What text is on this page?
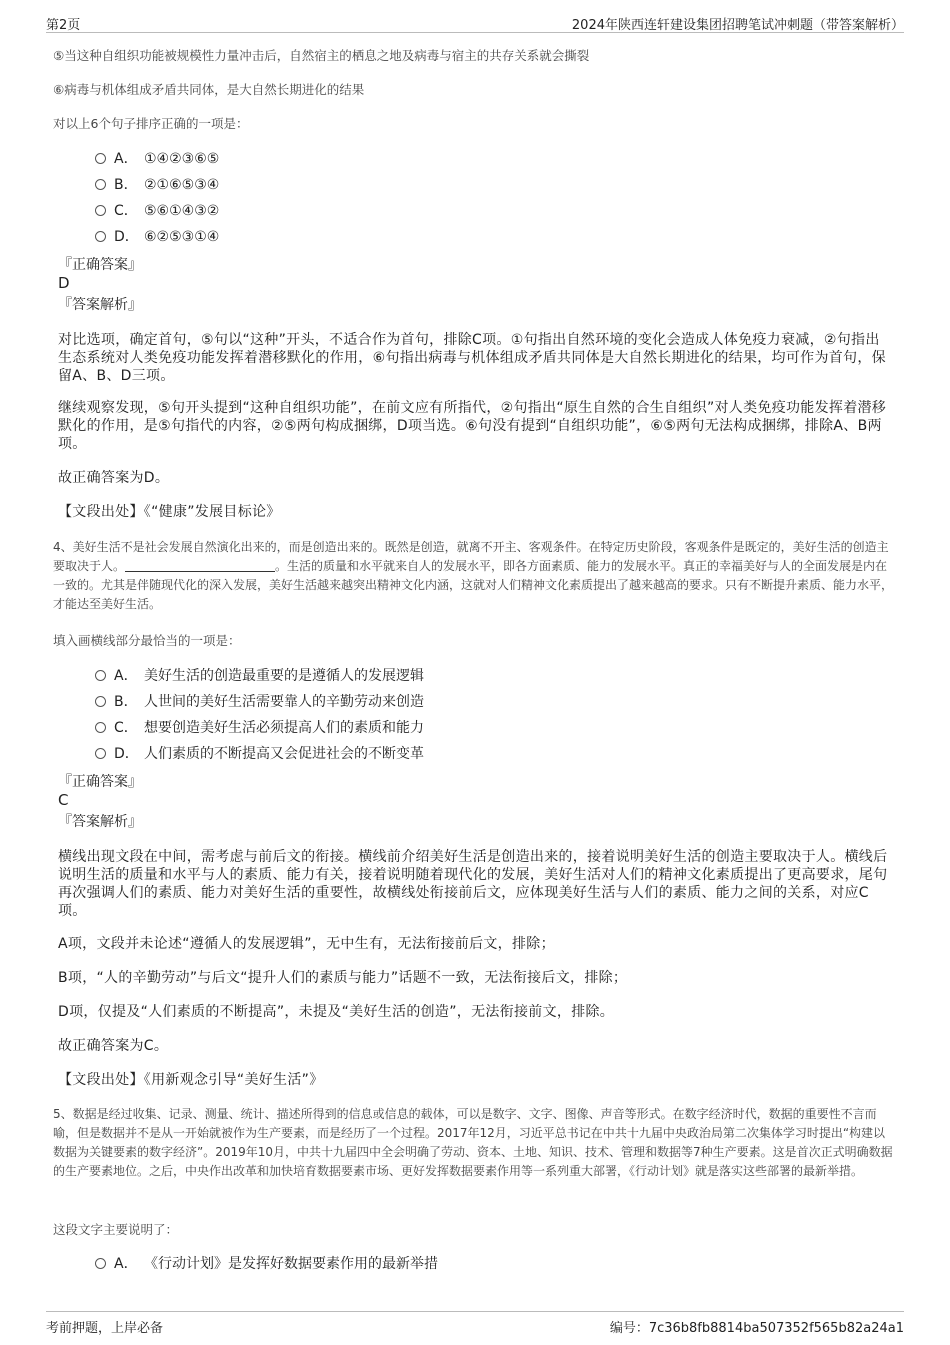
第2页	2024年陕西连轩建设集团招聘笔试冲刺题（带答案解析）
⑤当这种自组织功能被规模性力量冲击后，自然宿主的栖息之地及病毒与宿主的共存关系就会撕裂
⑥病毒与机体组成矛盾共同体，是大自然长期进化的结果
对以上6个句子排序正确的一项是：
A． ①④②③⑥⑤
B． ②①⑥⑤③④
C． ⑤⑥①④③②
D． ⑥②⑤③①④
『正确答案』
D
『答案解析』
对比选项，确定首句，⑤句以“这种”开头，不适合作为首句，排除C项。①句指出自然环境的变化会造成人体免疫力衰减，②句指出生态系统对人类免疫功能发挥着潜移默化的作用，⑥句指出病毒与机体组成矛盾共同体是大自然长期进化的结果，均可作为首句，保留A、B、D三项。
继续观察发现，⑤句开头提到“这种自组织功能”，在前文应有所指代，②句指出“原生自然的合生自组织”对人类免疫功能发挥着潜移默化的作用，是⑤句指代的内容，②⑤两句构成捆绑，D项当选。⑥句没有提到“自组织功能”，⑥⑤两句无法构成捆绑，排除A、B两项。
故正确答案为D。
【文段出处】《“健康”发展目标论》
4、美好生活不是社会发展自然演化出来的，而是创造出来的。既然是创造，就离不开主、客观条件。在特定历史阶段，客观条件是既定的，美好生活的创造主要取决于人。	。生活的质量和水平就来自人的发展水平，即各方面素质、能力的发展水平。真正的幸福美好与人的全面发展是内在一致的。尤其是伴随现代化的深入发展，美好生活越来越突出精神文化内涵，这就对人们精神文化素质提出了越来越高的要求。只有不断提升素质、能力水平，才能达至美好生活。
填入画横线部分最恰当的一项是：
A． 美好生活的创造最重要的是遵循人的发展逻辑
B． 人世间的美好生活需要靠人的辛勤劳动来创造
C． 想要创造美好生活必须提高人们的素质和能力
D． 人们素质的不断提高又会促进社会的不断变革
『正确答案』
C
『答案解析』
横线出现文段在中间，需考虑与前后文的衔接。横线前介绍美好生活是创造出来的，接着说明美好生活的创造主要取决于人。横线后说明生活的质量和水平与人的素质、能力有关，接着说明随着现代化的发展，美好生活对人们的精神文化素质提出了更高要求，尾句再次强调人们的素质、能力对美好生活的重要性，故横线处衔接前后文，应体现美好生活与人们的素质、能力之间的关系，对应C项。
A项，文段并未论述“遵循人的发展逻辑”，无中生有，无法衔接前后文，排除；
B项，“人的辛勤劳动”与后文“提升人们的素质与能力”话题不一致，无法衔接后文，排除；
D项，仅提及“人们素质的不断提高”，未提及“美好生活的创造”，无法衔接前文，排除。
故正确答案为C。
【文段出处】《用新观念引导“美好生活”》
5、数据是经过收集、记录、测量、统计、描述所得到的信息或信息的载体，可以是数字、文字、图像、声音等形式。在数字经济时代，数据的重要性不言而喻，但是数据并不是从一开始就被作为生产要素，而是经历了一个过程。2017年12月，习近平总书记在中共十九届中央政治局第二次集体学习时提出“构建以数据为关键要素的数字经济”。2019年10月，中共十九届四中全会明确了劳动、资本、土地、知识、技术、管理和数据等7种生产要素。这是首次正式明确数据的生产要素地位。之后，中央作出改革和加快培育数据要素市场、更好发挥数据要素作用等一系列重大部署，《行动计划》就是落实这些部署的最新举措。
这段文字主要说明了：
A． 《行动计划》是发挥好数据要素作用的最新举措
考前押题，上岸必备	编号：7c36b8fb8814ba507352f565b82a24a1
